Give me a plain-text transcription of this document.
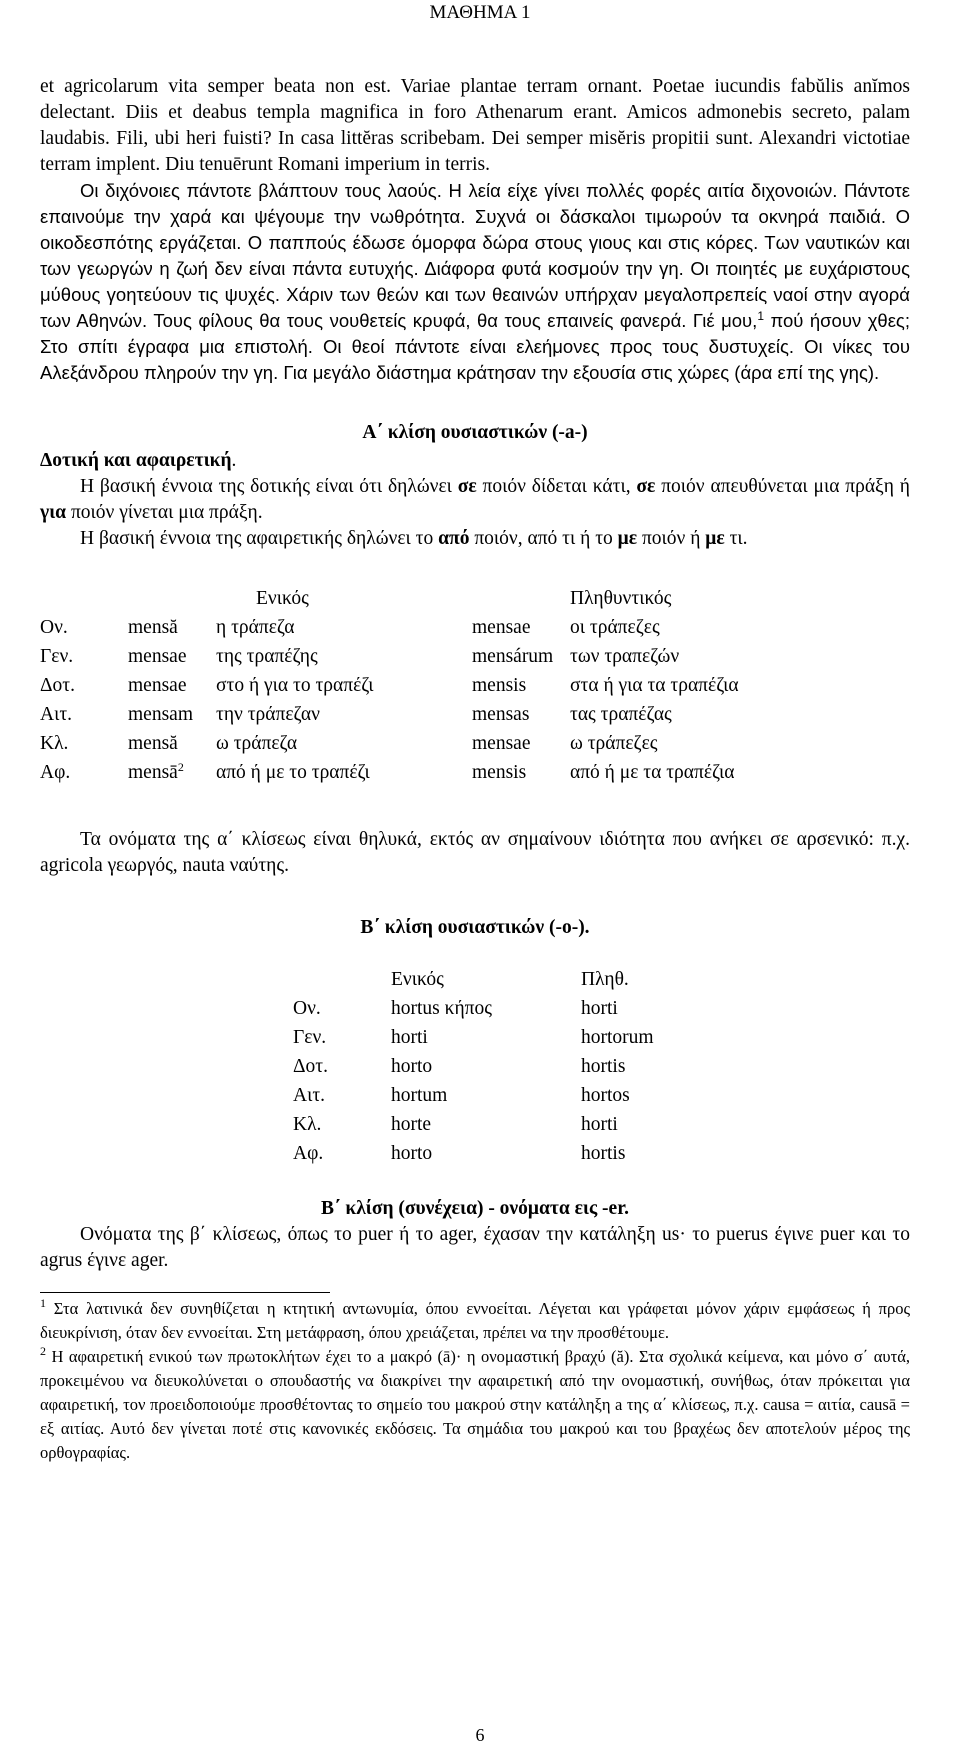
ΜΑΘΗΜΑ 1

et agricolarum vita semper beata non est. Variae plantae terram ornant. Poetae iucundis fabŭlis anĭmos delectant. Diis et deabus templa magnifica in foro Athenarum erant. Amicos admonebis secreto, palam laudabis. Fili, ubi heri fuisti? In casa littĕras scribebam. Dei semper misĕris propitii sunt. Alexandri victotiae terram implent. Diu tenuērunt Romani imperium in terris.

Οι διχόνοιες πάντοτε βλάπτουν τους λαούς. Η λεία είχε γίνει πολλές φορές αιτία διχονοιών. Πάντοτε επαινούμε την χαρά και ψέγουμε την νωθρότητα. Συχνά οι δάσκαλοι τιμωρούν τα οκνηρά παιδιά. Ο οικοδεσπότης εργάζεται. Ο παππούς έδωσε όμορφα δώρα στους γιους και στις κόρες. Των ναυτικών και των γεωργών η ζωή δεν είναι πάντα ευτυχής. Διάφορα φυτά κοσμούν την γη. Οι ποιητές με ευχάριστους μύθους γοητεύουν τις ψυχές. Χάριν των θεών και των θεαινών υπήρχαν μεγαλοπρεπείς ναοί στην αγορά των Αθηνών. Τους φίλους θα τους νουθετείς κρυφά, θα τους επαινείς φανερά. Γιέ μου,$^1$ πού ήσουν χθες; Στο σπίτι έγραφα μια επιστολή. Οι θεοί πάντοτε είναι ελεήμονες προς τους δυστυχείς. Οι νίκες του Αλεξάνδρου πληρούν την γη. Για μεγάλο διάστημα κράτησαν την εξουσία στις χώρες (άρα επί της γης).

Α΄ κλίση ουσιαστικών (-a-)

Δοτική και αφαιρετική.

Η βασική έννοια της δοτικής είναι ότι δηλώνει σε ποιόν δίδεται κάτι, σε ποιόν απευθύνεται μια πράξη ή για ποιόν γίνεται μια πράξη.

Η βασική έννοια της αφαιρετικής δηλώνει το από ποιόν, από τι ή το με ποιόν ή με τι.

		Ενικός		Πληθυντικός
Ον.	mensă	η τράπεζα	mensae	οι τράπεζες
Γεν.	mensae	της τραπέζης	mensárum	των τραπεζών
Δοτ.	mensae	στο ή για το τραπέζι	mensis	στα ή για τα τραπέζια
Αιτ.	mensam	την τράπεζαν	mensas	τας τραπέζας
Κλ.	mensă	ω τράπεζα	mensae	ω τράπεζες
Αφ.	mensā$^2$	από ή με το τραπέζι	mensis	από ή με τα τραπέζια

Τα ονόματα της α΄ κλίσεως είναι θηλυκά, εκτός αν σημαίνουν ιδιότητα που ανήκει σε αρσενικό: π.χ. agricola γεωργός, nauta ναύτης.

Β΄ κλίση ουσιαστικών (-ο-).

	Ενικός	Πληθ.
Ον.	hortus κήπος	horti
Γεν.	horti	hortorum
Δοτ.	horto	hortis
Αιτ.	hortum	hortos
Κλ.	horte	horti
Αφ.	horto	hortis

Β΄ κλίση (συνέχεια) - ονόματα εις -er.

Ονόματα της β΄ κλίσεως, όπως το puer ή το ager, έχασαν την κατάληξη us· το puerus έγινε puer και το agrus έγινε ager.

$^1$ Στα λατινικά δεν συνηθίζεται η κτητική αντωνυμία, όπου εννοείται. Λέγεται και γράφεται μόνον χάριν εμφάσεως ή προς διευκρίνιση, όταν δεν εννοείται. Στη μετάφραση, όπου χρειάζεται, πρέπει να την προσθέτουμε.

$^2$ Η αφαιρετική ενικού των πρωτοκλήτων έχει το a μακρό (ā)· η ονομαστική βραχύ (ă). Στα σχολικά κείμενα, και μόνο σ΄ αυτά, προκειμένου να διευκολύνεται ο σπουδαστής να διακρίνει την αφαιρετική από την ονομαστική, συνήθως, όταν πρόκειται για αφαιρετική, τον προειδοποιούμε προσθέτοντας το σημείο του μακρού στην κατάληξη a της α΄ κλίσεως, π.χ. causa = αιτία, causā = εξ αιτίας. Αυτό δεν γίνεται ποτέ στις κανονικές εκδόσεις. Τα σημάδια του μακρού και του βραχέως δεν αποτελούν μέρος της ορθογραφίας.

6
